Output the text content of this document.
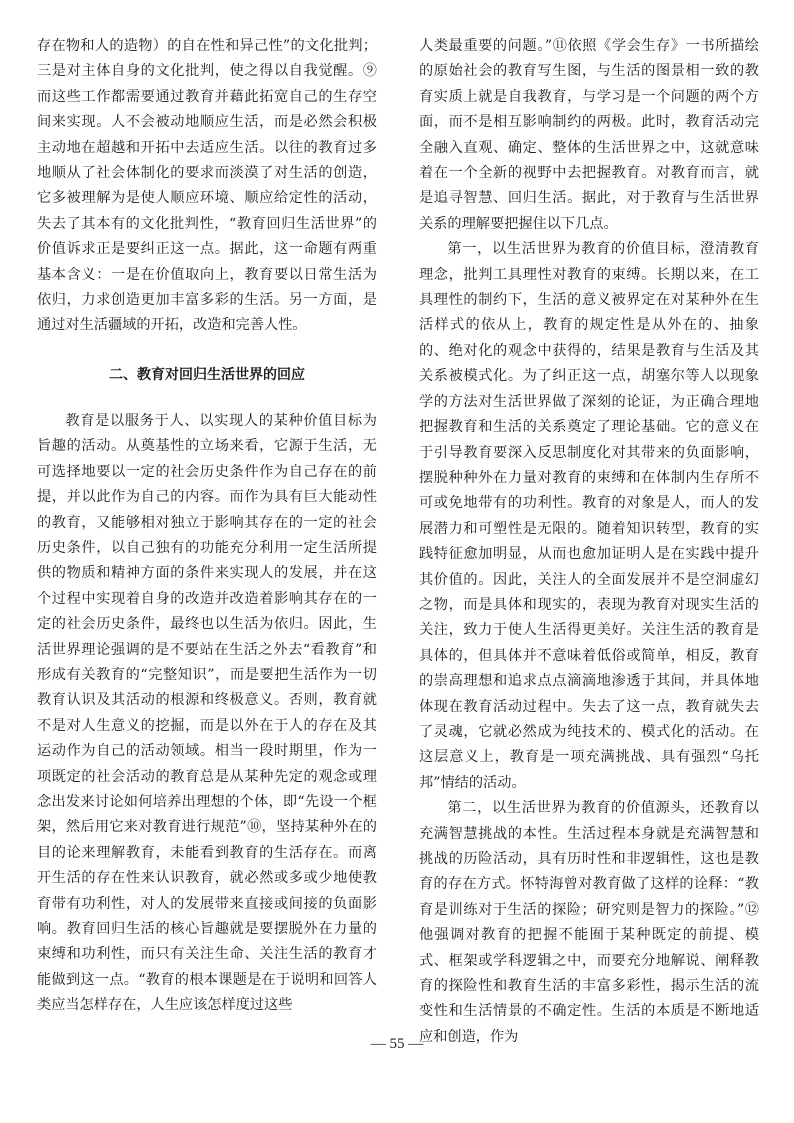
存在物和人的造物）的自在性和异己性”的文化批判；三是对主体自身的文化批判，使之得以自我觉醒。⑨而这些工作都需要通过教育并藉此拓宽自己的生存空间来实现。人不会被动地顺应生活，而是必然会积极主动地在超越和开拓中去适应生活。以往的教育过多地顺从了社会体制化的要求而淡漠了对生活的创造，它多被理解为是使人顺应环境、顺应给定性的活动，失去了其本有的文化批判性，“教育回归生活世界”的价值诉求正是要纠正这一点。据此，这一命题有两重基本含义：一是在价值取向上，教育要以日常生活为依归，力求创造更加丰富多彩的生活。另一方面，是通过对生活疆域的开拓，改造和完善人性。

二、教育对回归生活世界的回应

教育是以服务于人、以实现人的某种价值目标为旨趣的活动。从奠基性的立场来看，它源于生活，无可选择地要以一定的社会历史条件作为自己存在的前提，并以此作为自己的内容。而作为具有巨大能动性的教育，又能够相对独立于影响其存在的一定的社会历史条件，以自己独有的功能充分利用一定生活所提供的物质和精神方面的条件来实现人的发展，并在这个过程中实现着自身的改造并改造着影响其存在的一定的社会历史条件，最终也以生活为依归。因此，生活世界理论强调的是不要站在生活之外去“看教育”和形成有关教育的“完整知识”，而是要把生活作为一切教育认识及其活动的根源和终极意义。否则，教育就不是对人生意义的挖掘，而是以外在于人的存在及其运动作为自己的活动领域。相当一段时期里，作为一项既定的社会活动的教育总是从某种先定的观念或理念出发来讨论如何培养出理想的个体，即“先设一个框架，然后用它来对教育进行规范”⑩，坚持某种外在的目的论来理解教育，未能看到教育的生活存在。而离开生活的存在性来认识教育，就必然或多或少地使教育带有功利性，对人的发展带来直接或间接的负面影响。教育回归生活的核心旨趣就是要摆脱外在力量的束缚和功利性，而只有关注生命、关注生活的教育才能做到这一点。“教育的根本课题是在于说明和回答人类应当怎样存在，人生应该怎样度过这些

人类最重要的问题。”⑪依照《学会生存》一书所描绘的原始社会的教育写生图，与生活的图景相一致的教育实质上就是自我教育，与学习是一个问题的两个方面，而不是相互影响制约的两极。此时，教育活动完全融入直观、确定、整体的生活世界之中，这就意味着在一个全新的视野中去把握教育。对教育而言，就是追寻智慧、回归生活。据此，对于教育与生活世界关系的理解要把握住以下几点。

第一，以生活世界为教育的价值目标，澄清教育理念，批判工具理性对教育的束缚。长期以来，在工具理性的制约下，生活的意义被界定在对某种外在生活样式的依从上，教育的规定性是从外在的、抽象的、绝对化的观念中获得的，结果是教育与生活及其关系被模式化。为了纠正这一点，胡塞尔等人以现象学的方法对生活世界做了深刻的论证，为正确合理地把握教育和生活的关系奠定了理论基础。它的意义在于引导教育要深入反思制度化对其带来的负面影响，摆脱种种外在力量对教育的束缚和在体制内生存所不可或免地带有的功利性。教育的对象是人，而人的发展潜力和可塑性是无限的。随着知识转型，教育的实践特征愈加明显，从而也愈加证明人是在实践中提升其价值的。因此，关注人的全面发展并不是空洞虚幻之物，而是具体和现实的，表现为教育对现实生活的关注，致力于使人生活得更美好。关注生活的教育是具体的，但具体并不意味着低俗或简单，相反，教育的崇高理想和追求点点滴滴地渗透于其间，并具体地体现在教育活动过程中。失去了这一点，教育就失去了灵魂，它就必然成为纯技术的、模式化的活动。在这层意义上，教育是一项充满挑战、具有强烈“乌托邦”情结的活动。

第二，以生活世界为教育的价值源头，还教育以充满智慧挑战的本性。生活过程本身就是充满智慧和挑战的历险活动，具有历时性和非逻辑性，这也是教育的存在方式。怀特海曾对教育做了这样的诠释：“教育是训练对于生活的探险；研究则是智力的探险。”⑫他强调对教育的把握不能囿于某种既定的前提、模式、框架或学科逻辑之中，而要充分地解说、阐释教育的探险性和教育生活的丰富多彩性，揭示生活的流变性和生活情景的不确定性。生活的本质是不断地适应和创造，作为

— 55 —
